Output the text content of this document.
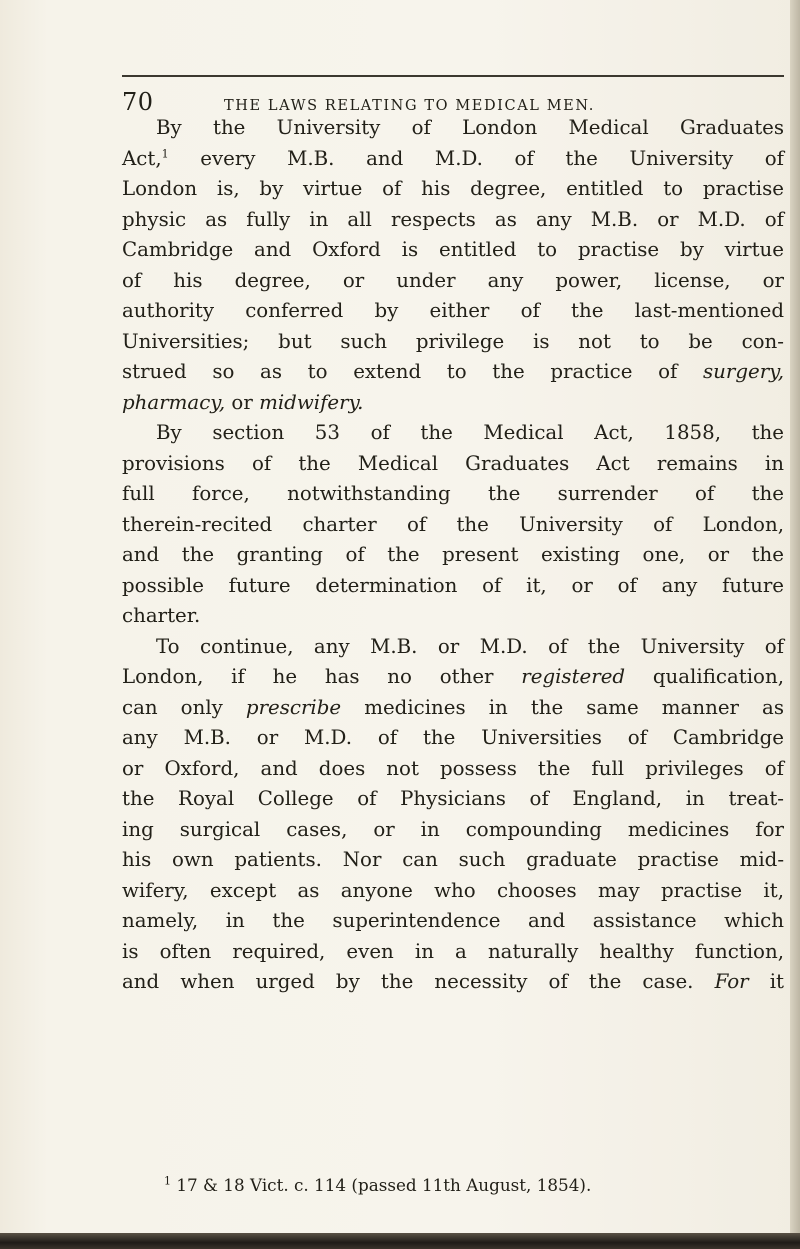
70	THE LAWS RELATING TO MEDICAL MEN.
By the University of London Medical Graduates
Act,$^1$ every M.B. and M.D. of the University of
London is, by virtue of his degree, entitled to practise
physic as fully in all respects as any M.B. or M.D. of
Cambridge and Oxford is entitled to practise by virtue
of his degree, or under any power, license, or
authority conferred by either of the last-mentioned
Universities; but such privilege is not to be con-
strued so as to extend to the practice of surgery,
pharmacy, or midwifery.
By section 53 of the Medical Act, 1858, the
provisions of the Medical Graduates Act remains in
full force, notwithstanding the surrender of the
therein-recited charter of the University of London,
and the granting of the present existing one, or the
possible future determination of it, or of any future
charter.
To continue, any M.B. or M.D. of the University of
London, if he has no other registered qualification,
can only prescribe medicines in the same manner as
any M.B. or M.D. of the Universities of Cambridge
or Oxford, and does not possess the full privileges of
the Royal College of Physicians of England, in treat-
ing surgical cases, or in compounding medicines for
his own patients. Nor can such graduate practise mid-
wifery, except as anyone who chooses may practise it,
namely, in the superintendence and assistance which
is often required, even in a naturally healthy function,
and when urged by the necessity of the case. For it
$^1$ 17 & 18 Vict. c. 114 (passed 11th August, 1854).
